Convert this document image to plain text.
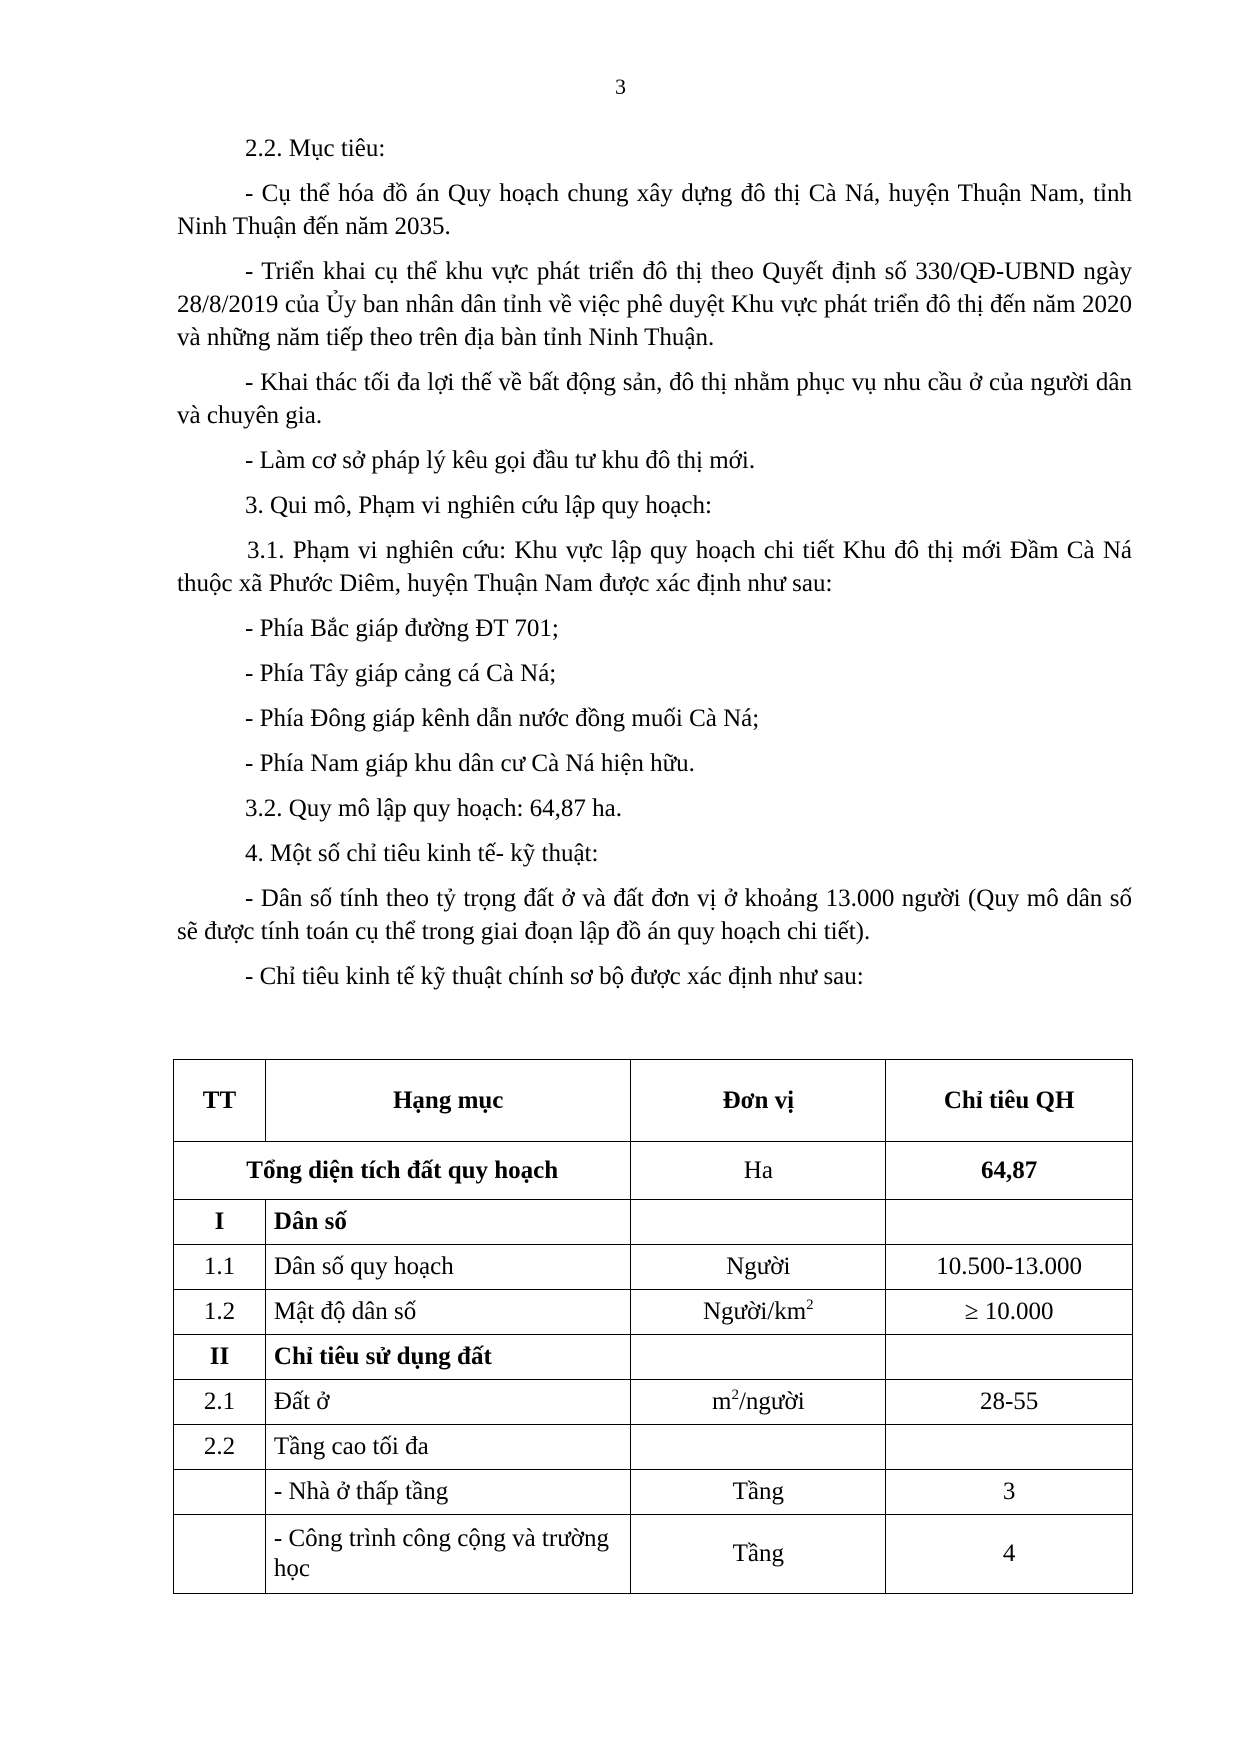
3

2.2. Mục tiêu:

- Cụ thể hóa đồ án Quy hoạch chung xây dựng đô thị Cà Ná, huyện Thuận Nam, tỉnh Ninh Thuận đến năm 2035.

- Triển khai cụ thể khu vực phát triển đô thị theo Quyết định số 330/QĐ-UBND ngày 28/8/2019 của Ủy ban nhân dân tỉnh về việc phê duyệt Khu vực phát triển đô thị đến năm 2020 và những năm tiếp theo trên địa bàn tỉnh Ninh Thuận.

- Khai thác tối đa lợi thế về bất động sản, đô thị nhằm phục vụ nhu cầu ở của người dân và chuyên gia.

- Làm cơ sở pháp lý kêu gọi đầu tư khu đô thị mới.

3. Qui mô, Phạm vi nghiên cứu lập quy hoạch:

3.1. Phạm vi nghiên cứu: Khu vực lập quy hoạch chi tiết Khu đô thị mới Đầm Cà Ná thuộc xã Phước Diêm, huyện Thuận Nam được xác định như sau:

- Phía Bắc giáp đường ĐT 701;

- Phía Tây giáp cảng cá Cà Ná;

- Phía Đông giáp kênh dẫn nước đồng muối Cà Ná;

- Phía Nam giáp khu dân cư Cà Ná hiện hữu.

3.2. Quy mô lập quy hoạch: 64,87 ha.

4. Một số chỉ tiêu kinh tế- kỹ thuật:

- Dân số tính theo tỷ trọng đất ở và đất đơn vị ở khoảng 13.000 người (Quy mô dân số sẽ được tính toán cụ thể trong giai đoạn lập đồ án quy hoạch chi tiết).

- Chỉ tiêu kinh tế kỹ thuật chính sơ bộ được xác định như sau:

TT	Hạng mục	Đơn vị	Chỉ tiêu QH
Tổng diện tích đất quy hoạch		Ha	64,87
I	Dân số		
1.1	Dân số quy hoạch	Người	10.500-13.000
1.2	Mật độ dân số	Người/$km^2$	≥ 10.000
II	Chỉ tiêu sử dụng đất		
2.1	Đất ở	$m^2$/người	28-55
2.2	Tầng cao tối đa		
	- Nhà ở thấp tầng	Tầng	3
	- Công trình công cộng và trường học	Tầng	4
